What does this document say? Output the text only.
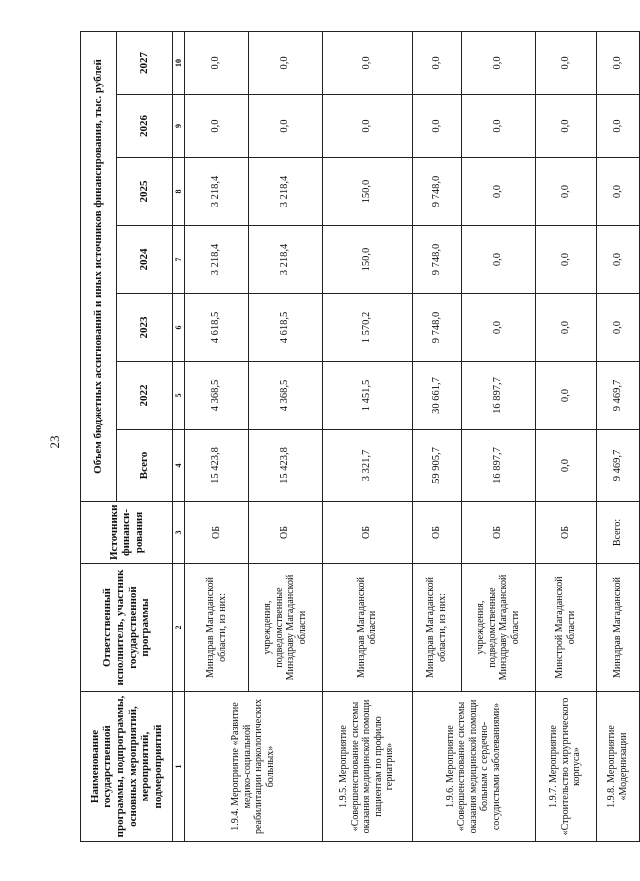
23
Наименование государственной программы, подпрограммы, основных мероприятий, мероприятий, подмероприятий	Ответственный исполнитель, участник государственной программы	Источники финанси-рования	Объем бюджетных ассигнований и иных источников финансирования, тыс. рублей						
			Всего	2022	2023	2024	2025	2026	2027
1	2	3	4	5	6	7	8	9	10
1.9.4. Мероприятие «Развитие медико-социальной реабилитации наркологических больных»	Минздрав Магаданской области, из них:	ОБ	15 423,8	4 368,5	4 618,5	3 218,4	3 218,4	0,0	0,0
	учреждения, подведомственные Минздраву Магаданской области	ОБ	15 423,8	4 368,5	4 618,5	3 218,4	3 218,4	0,0	0,0
1.9.5. Мероприятие «Совершенствование системы оказания медицинской помощи пациентам по профилю гериатрия»	Минздрав Магаданской области	ОБ	3 321,7	1 451,5	1 570,2	150,0	150,0	0,0	0,0
1.9.6. Мероприятие «Совершенствование системы оказания медицинской помощи больным с сердечно-сосудистыми заболеваниями»	Минздрав Магаданской области, из них:	ОБ	59 905,7	30 661,7	9 748,0	9 748,0	9 748,0	0,0	0,0
	учреждения, подведомственные Минздраву Магаданской области	ОБ	16 897,7	16 897,7	0,0	0,0	0,0	0,0	0,0
1.9.7. Мероприятие «Строительство хирургического корпуса»	Минстрой Магаданской области	ОБ	0,0	0,0	0,0	0,0	0,0	0,0	0,0
1.9.8. Мероприятие «Модернизации	Минздрав Магаданской	Всего:	9 469,7	9 469,7	0,0	0,0	0,0	0,0	0,0
